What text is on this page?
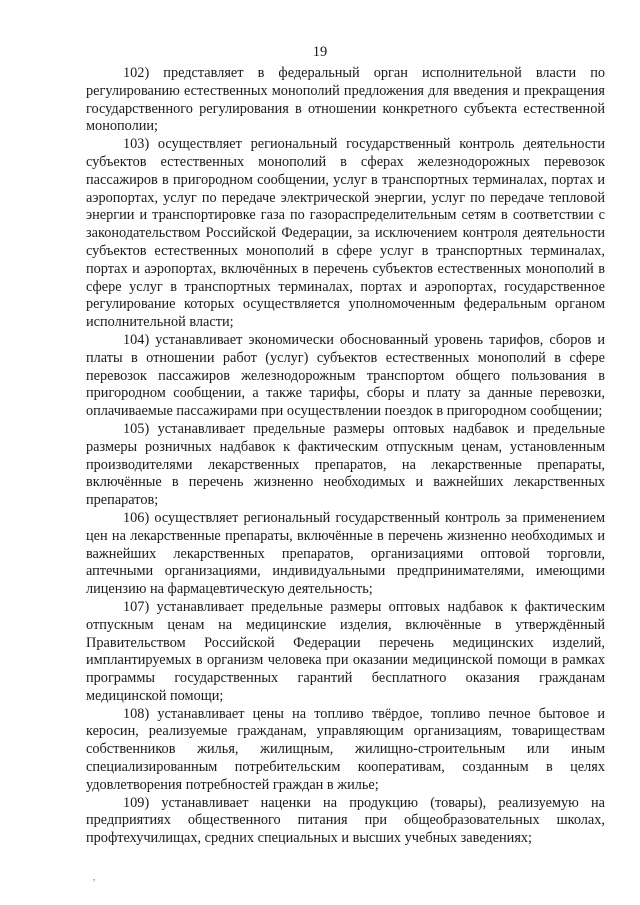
19

102) представляет в федеральный орган исполнительной власти по регулированию естественных монополий предложения для введения и прекращения государственного регулирования в отношении конкретного субъекта естественной монополии;

103) осуществляет региональный государственный контроль деятельности субъектов естественных монополий в сферах железнодорожных перевозок пассажиров в пригородном сообщении, услуг в транспортных терминалах, портах и аэропортах, услуг по передаче электрической энергии, услуг по передаче тепловой энергии и транспортировке газа по газораспределительным сетям в соответствии с законодательством Российской Федерации, за исключением контроля деятельности субъектов естественных монополий в сфере услуг в транспортных терминалах, портах и аэропортах, включённых в перечень субъектов естественных монополий в сфере услуг в транспортных терминалах, портах и аэропортах, государственное регулирование которых осуществляется уполномоченным федеральным органом исполнительной власти;

104) устанавливает экономически обоснованный уровень тарифов, сборов и платы в отношении работ (услуг) субъектов естественных монополий в сфере перевозок пассажиров железнодорожным транспортом общего пользования в пригородном сообщении, а также тарифы, сборы и плату за данные перевозки, оплачиваемые пассажирами при осуществлении поездок в пригородном сообщении;

105) устанавливает предельные размеры оптовых надбавок и предельные размеры розничных надбавок к фактическим отпускным ценам, установленным производителями лекарственных препаратов, на лекарственные препараты, включённые в перечень жизненно необходимых и важнейших лекарственных препаратов;

106) осуществляет региональный государственный контроль за применением цен на лекарственные препараты, включённые в перечень жизненно необходимых и важнейших лекарственных препаратов, организациями оптовой торговли, аптечными организациями, индивидуальными предпринимателями, имеющими лицензию на фармацевтическую деятельность;

107) устанавливает предельные размеры оптовых надбавок к фактическим отпускным ценам на медицинские изделия, включённые в утверждённый Правительством Российской Федерации перечень медицинских изделий, имплантируемых в организм человека при оказании медицинской помощи в рамках программы государственных гарантий бесплатного оказания гражданам медицинской помощи;

108) устанавливает цены на топливо твёрдое, топливо печное бытовое и керосин, реализуемые гражданам, управляющим организациям, товариществам собственников жилья, жилищным, жилищно-строительным или иным специализированным потребительским кооперативам, созданным в целях удовлетворения потребностей граждан в жилье;

109) устанавливает наценки на продукцию (товары), реализуемую на предприятиях общественного питания при общеобразовательных школах, профтехучилищах, средних специальных и высших учебных заведениях;

,
